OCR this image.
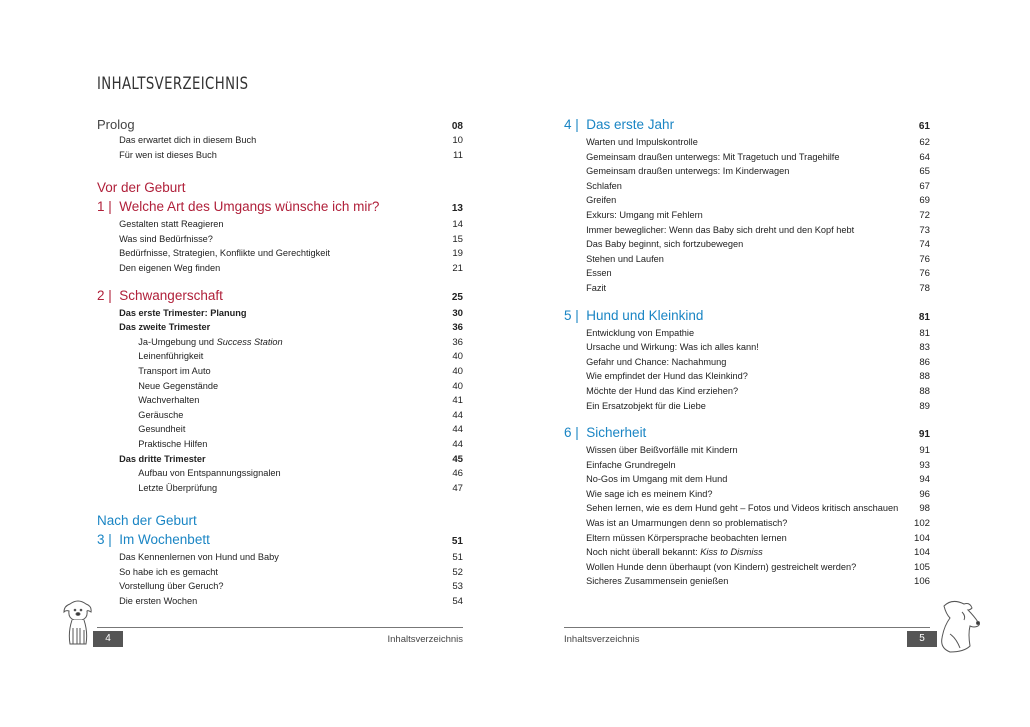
INHALTSVERZEICHNIS
Prolog	08
Das erwartet dich in diesem Buch	10
Für wen ist dieses Buch	11
Vor der Geburt
1 | Welche Art des Umgangs wünsche ich mir?	13
Gestalten statt Reagieren	14
Was sind Bedürfnisse?	15
Bedürfnisse, Strategien, Konflikte und Gerechtigkeit	19
Den eigenen Weg finden	21
2 | Schwangerschaft	25
Das erste Trimester: Planung	30
Das zweite Trimester	36
Ja-Umgebung und Success Station	36
Leinenführigkeit	40
Transport im Auto	40
Neue Gegenstände	40
Wachverhalten	41
Geräusche	44
Gesundheit	44
Praktische Hilfen	44
Das dritte Trimester	45
Aufbau von Entspannungssignalen	46
Letzte Überprüfung	47
Nach der Geburt
3 | Im Wochenbett	51
Das Kennenlernen von Hund und Baby	51
So habe ich es gemacht	52
Vorstellung über Geruch?	53
Die ersten Wochen	54
4	Inhaltsverzeichnis
4 | Das erste Jahr	61
Warten und Impulskontrolle	62
Gemeinsam draußen unterwegs: Mit Tragetuch und Tragehilfe	64
Gemeinsam draußen unterwegs: Im Kinderwagen	65
Schlafen	67
Greifen	69
Exkurs: Umgang mit Fehlern	72
Immer beweglicher: Wenn das Baby sich dreht und den Kopf hebt	73
Das Baby beginnt, sich fortzubewegen	74
Stehen und Laufen	76
Essen	76
Fazit	78
5 | Hund und Kleinkind	81
Entwicklung von Empathie	81
Ursache und Wirkung: Was ich alles kann!	83
Gefahr und Chance: Nachahmung	86
Wie empfindet der Hund das Kleinkind?	88
Möchte der Hund das Kind erziehen?	88
Ein Ersatzobjekt für die Liebe	89
6 | Sicherheit	91
Wissen über Beißvorfälle mit Kindern	91
Einfache Grundregeln	93
No-Gos im Umgang mit dem Hund	94
Wie sage ich es meinem Kind?	96
Sehen lernen, wie es dem Hund geht – Fotos und Videos kritisch anschauen 98
Was ist an Umarmungen denn so problematisch?	102
Eltern müssen Körpersprache beobachten lernen	104
Noch nicht überall bekannt: Kiss to Dismiss	104
Wollen Hunde denn überhaupt (von Kindern) gestreichelt werden?	105
Sicheres Zusammensein genießen	106
Inhaltsverzeichnis	5
